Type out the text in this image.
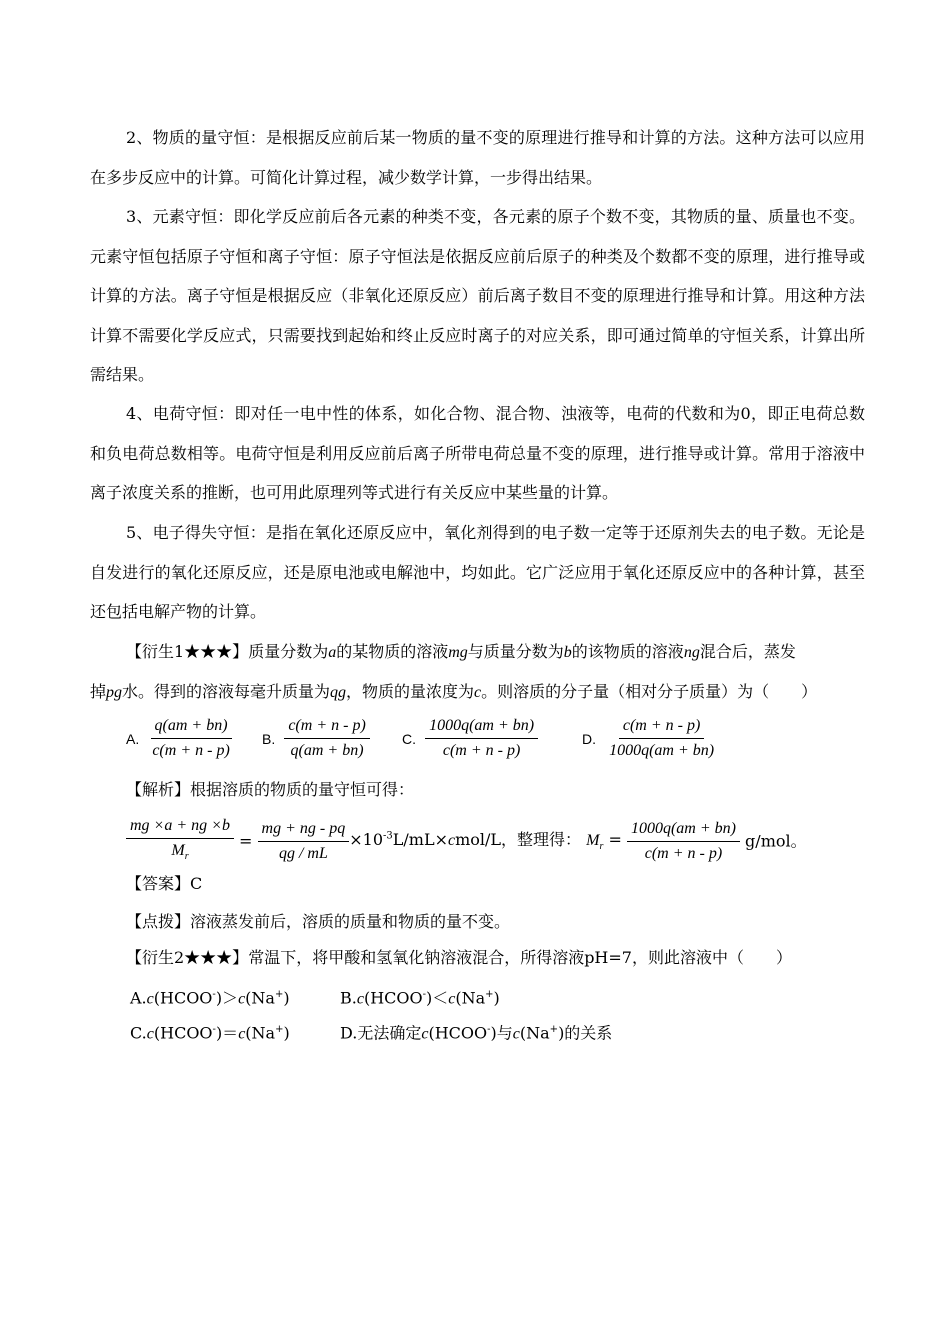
2、物质的量守恒：是根据反应前后某一物质的量不变的原理进行推导和计算的方法。这种方法可以应用在多步反应中的计算。可简化计算过程，减少数学计算，一步得出结果。

3、元素守恒：即化学反应前后各元素的种类不变，各元素的原子个数不变，其物质的量、质量也不变。元素守恒包括原子守恒和离子守恒：原子守恒法是依据反应前后原子的种类及个数都不变的原理，进行推导或计算的方法。离子守恒是根据反应（非氧化还原反应）前后离子数目不变的原理进行推导和计算。用这种方法计算不需要化学反应式，只需要找到起始和终止反应时离子的对应关系，即可通过简单的守恒关系，计算出所需结果。

4、电荷守恒：即对任一电中性的体系，如化合物、混合物、浊液等，电荷的代数和为0，即正电荷总数和负电荷总数相等。电荷守恒是利用反应前后离子所带电荷总量不变的原理，进行推导或计算。常用于溶液中离子浓度关系的推断，也可用此原理列等式进行有关反应中某些量的计算。

5、电子得失守恒：是指在氧化还原反应中，氧化剂得到的电子数一定等于还原剂失去的电子数。无论是自发进行的氧化还原反应，还是原电池或电解池中，均如此。它广泛应用于氧化还原反应中的各种计算，甚至还包括电解产物的计算。

【衍生1★★★】质量分数为a的某物质的溶液mg与质量分数为b的该物质的溶液ng混合后，蒸发
掉pg水。得到的溶液每毫升质量为qg，物质的量浓度为c。则溶质的分子量（相对分子质量）为（　　）
A. $\frac{q(am + bn)}{c(m + n - p)} B$. $\frac{c(m + n - p)}{q(am + bn)} C$. $\frac{1000q(am + bn)}{c(m + n - p)}$	D. $\frac{c(m + n - p)}{1000q(am + bn)}$
【解析】根据溶质的物质的量守恒可得：
$\frac{mg \times a + ng \times b}{M_r} = \frac{mg + ng - pq}{qg / mL}$ $\times 10^{-3}L/mL\times cmol/L$，整理得： $M_r = \frac{1000q(am + bn)}{c(m + n - p)} g/mol$。
【答案】C
【点拨】溶液蒸发前后，溶质的质量和物质的量不变。
【衍生2★★★】常温下，将甲酸和氢氧化钠溶液混合，所得溶液pH=7，则此溶液中（　　）
A.c(HCOO-)＞c(Na+)	B.c(HCOO-)＜c(Na+)
C.c(HCOO-)＝c(Na+)	D.无法确定c(HCOO-)与c(Na+)的关系
